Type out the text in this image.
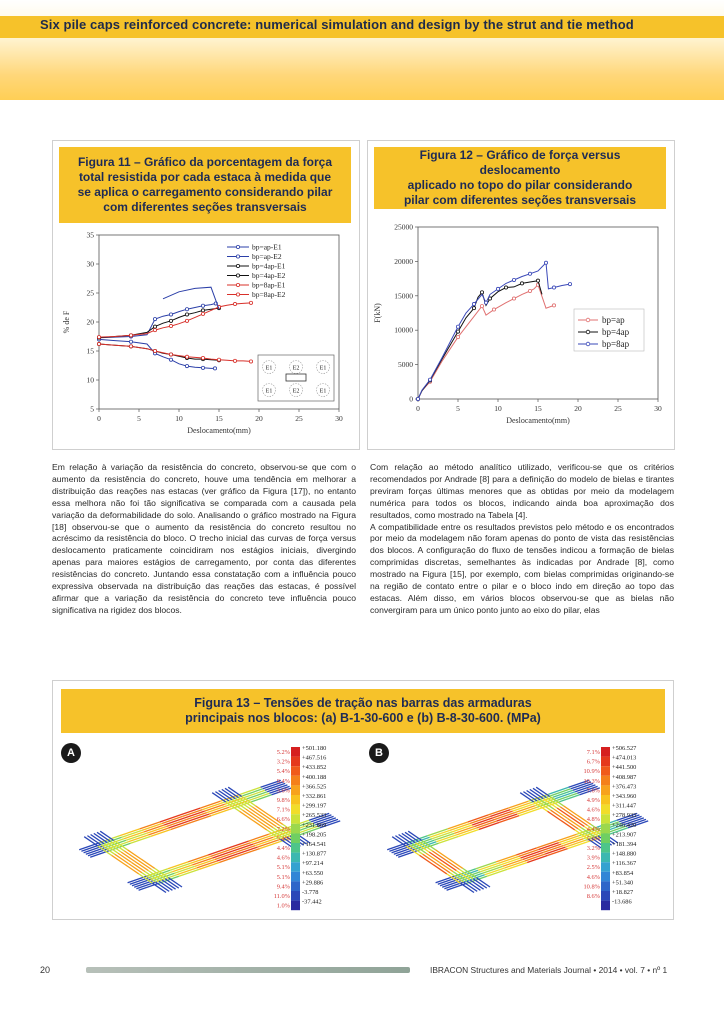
Six pile caps reinforced concrete: numerical simulation and design by the strut and tie method
Figura 11 – Gráfico da porcentagem da força
total resistida por cada estaca à medida que
se aplica o carregamento considerando pilar
com diferentes seções transversais
0	5	10	15	20	25	30
5
10
15
20
25
30
35
Deslocamento(mm)
% de F
bp=ap-E1
bp=ap-E2
bp=4ap-E1
bp=4ap-E2
bp=8ap-E1
bp=8ap-E2
E1	E2	E1
E1	E2	E1
Figura 12 – Gráfico de força versus deslocamento
aplicado no topo do pilar considerando
pilar com diferentes seções transversais
0	5	10	15	20	25	30
0
5000
10000
15000
20000
25000
Deslocamento(mm)
F(kN)	bp=ap
bp=4ap
bp=8ap

Em relação à variação da resistência do concreto, observou-se que com o aumento da resistência do concreto, houve uma tendência em melhorar a distribuição das reações nas estacas (ver gráfico da Figura [17]), no entanto essa melhora não foi tão significativa se comparada com a causada pela variação da deformabilidade do solo. Analisando o gráfico mostrado na Figura [18] observou-se que o aumento da resistência do concreto resultou no acréscimo da resistência do bloco. O trecho inicial das curvas de força versus deslocamento praticamente coincidiram nos estágios iniciais, divergindo apenas para maiores estágios de carregamento, por conta das diferentes resistências do concreto. Juntando essa constatação com a influência pouco expressiva observada na distribuição das reações das estacas, é possível afirmar que a variação da resistência do concreto teve influência pouco significativa na rigidez dos blocos.

Com relação ao método analítico utilizado, verificou-se que os critérios recomendados por Andrade [8] para a definição do modelo de bielas e tirantes previram forças últimas menores que as obtidas por meio da modelagem numérica para todos os blocos, indicando ainda boa aproximação dos resultados, como mostrado na Tabela [4].

A compatibilidade entre os resultados previstos pelo método e os encontrados por meio da modelagem não foram apenas do ponto de vista das resistências dos blocos. A configuração do fluxo de tensões indicou a formação de bielas comprimidas discretas, semelhantes às indicadas por Andrade [8], como mostrado na Figura [15], por exemplo, com bielas comprimidas originando-se na região de contato entre o pilar e o bloco indo em direção ao topo das estacas. Além disso, em vários blocos observou-se que as bielas não convergiram para um único ponto junto ao eixo do pilar, elas

Figura 13 – Tensões de tração nas barras das armaduras
principais nos blocos: (a) B-1-30-600 e (b) B-8-30-600. (MPa)
A	B
+501.180
+467.516
+433.852
+400.188
+366.525
+332.861
+299.197
+265.533
+231.869
+198.205
+164.541
+130.877
+97.214
+63.550
+29.886
-3.778
-37.442
5.2%
3.2%
5.4%
9.4%
3.6%
9.8%
7.1%
6.6%
7.2%
5.4%
4.4%
4.6%
5.1%
5.1%
9.4%
11.0%
1.0%
+506.527
+474.013
+441.500
+408.987
+376.473
+343.960
+311.447
+278.933
+246.420
+213.907
+181.394
+148.880
+116.367
+83.854
+51.340
+18.827
-13.686
7.1%
6.7%
10.9%
10.3%
7.6%
4.9%
4.6%
4.8%
4.4%
5.0%
3.2%
3.9%
2.5%
4.6%
10.8%
8.6%
20	IBRACON Structures and Materials Journal • 2014 • vol. 7 • nº 1
